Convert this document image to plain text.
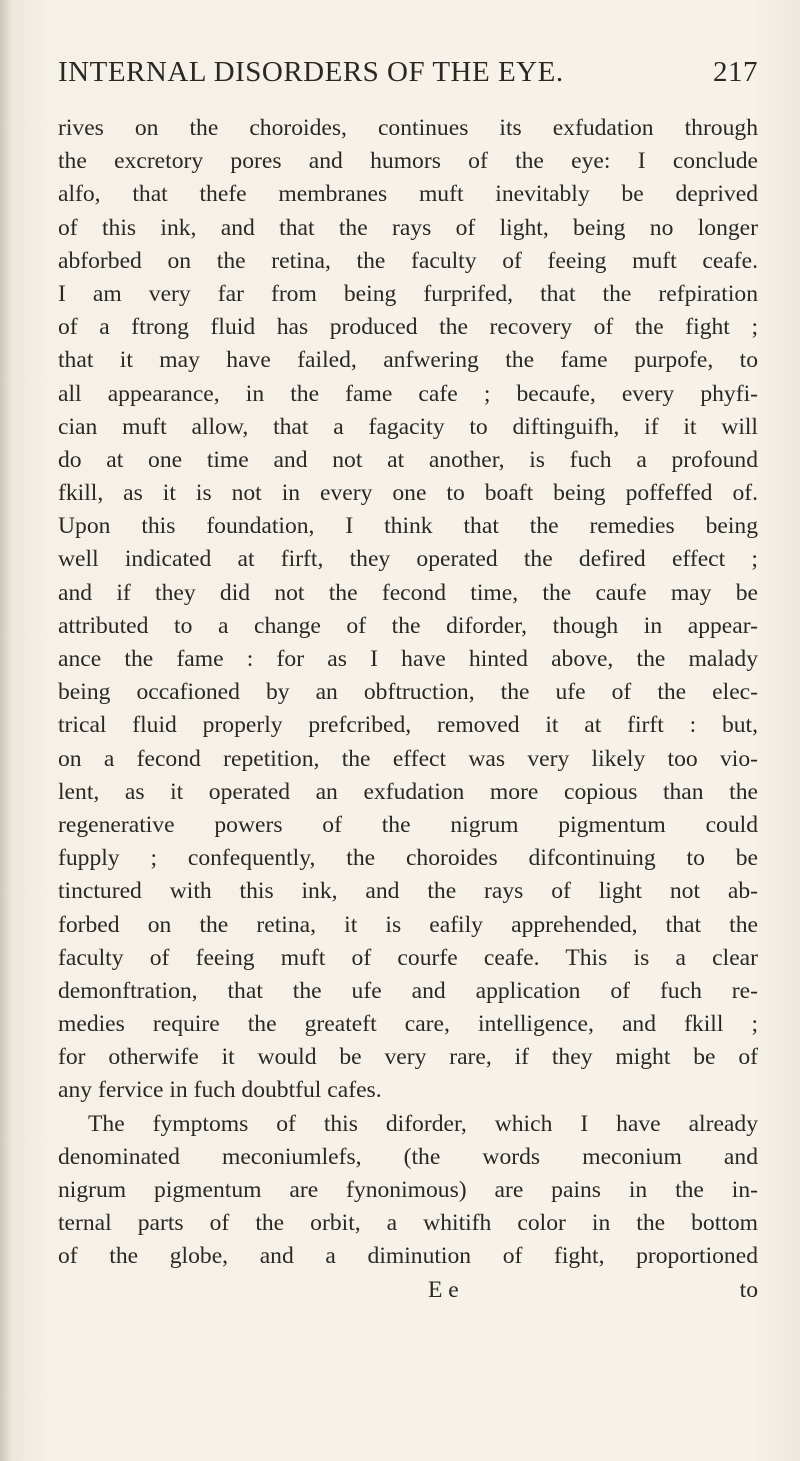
INTERNAL DISORDERS OF THE EYE.	217
rives on the choroides, continues its exfudation through
the excretory pores and humors of the eye: I conclude
alfo, that thefe membranes muft inevitably be deprived
of this ink, and that the rays of light, being no longer
abforbed on the retina, the faculty of feeing muft ceafe.
I am very far from being furprifed, that the refpiration
of a ftrong fluid has produced the recovery of the fight ;
that it may have failed, anfwering the fame purpofe, to
all appearance, in the fame cafe ; becaufe, every phyfi-
cian muft allow, that a fagacity to diftinguifh, if it will
do at one time and not at another, is fuch a profound
fkill, as it is not in every one to boaft being poffeffed of.
Upon this foundation, I think that the remedies being
well indicated at firft, they operated the defired effect ;
and if they did not the fecond time, the caufe may be
attributed to a change of the diforder, though in appear-
ance the fame : for as I have hinted above, the malady
being occafioned by an obftruction, the ufe of the elec-
trical fluid properly prefcribed, removed it at firft : but,
on a fecond repetition, the effect was very likely too vio-
lent, as it operated an exfudation more copious than the
regenerative powers of the nigrum pigmentum could
fupply ; confequently, the choroides difcontinuing to be
tinctured with this ink, and the rays of light not ab-
forbed on the retina, it is eafily apprehended, that the
faculty of feeing muft of courfe ceafe. This is a clear
demonftration, that the ufe and application of fuch re-
medies require the greateft care, intelligence, and fkill ;
for otherwife it would be very rare, if they might be of
any fervice in fuch doubtful cafes.
The fymptoms of this diforder, which I have already
denominated meconiumlefs, (the words meconium and
nigrum pigmentum are fynonimous) are pains in the in-
ternal parts of the orbit, a whitifh color in the bottom
of the globe, and a diminution of fight, proportioned
E e	to
